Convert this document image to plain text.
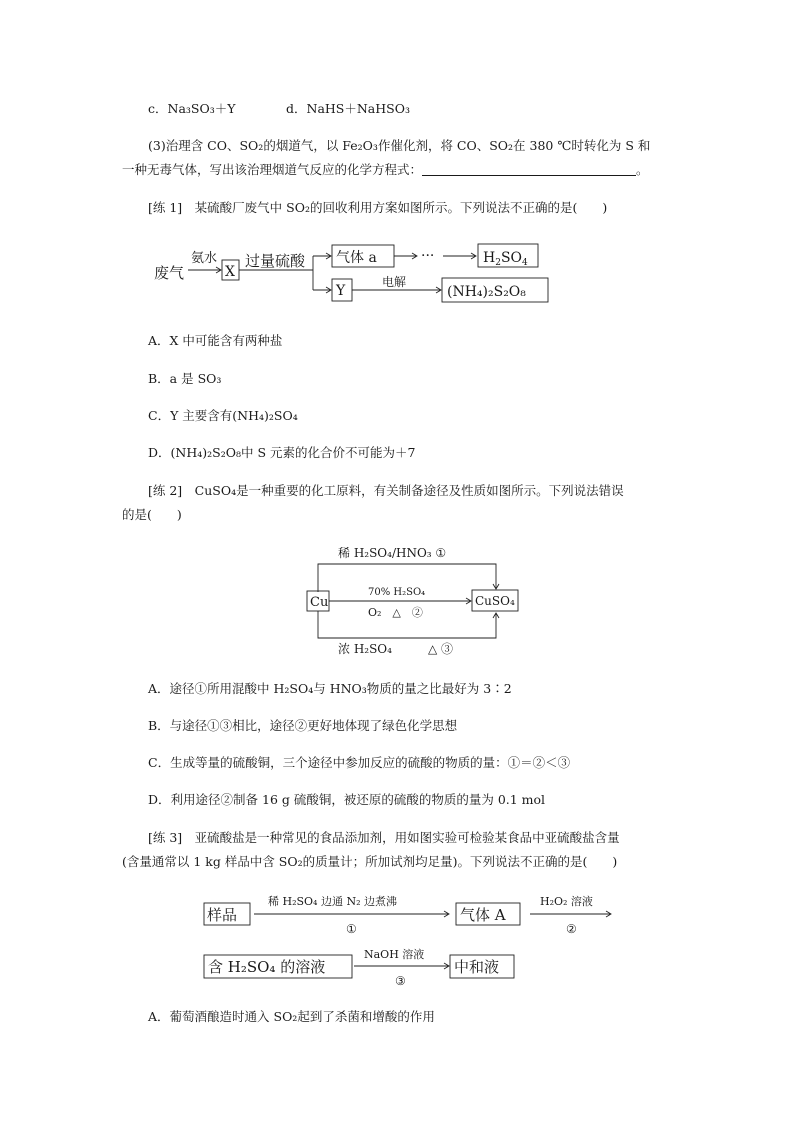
c．Na₃SO₃＋Y	d．NaHS＋NaHSO₃
(3)治理含 CO、SO₂的烟道气，以 Fe₂O₃作催化剂，将 CO、SO₂在 380 ℃时转化为 S 和
一种无毒气体，写出该治理烟道气反应的化学方程式：	。
[练 1]　某硫酸厂废气中 SO₂的回收利用方案如图所示。下列说法不正确的是(　　)
废气
氨水
X
过量硫酸 气体 a	···	$H_2SO_4$
Y
电解
(NH₄)₂S₂O₈
A．X 中可能含有两种盐
B．a 是 SO₃
C．Y 主要含有(NH₄)₂SO₄
D．(NH₄)₂S₂O₈中 S 元素的化合价不可能为＋7
[练 2]　CuSO₄是一种重要的化工原料，有关制备途径及性质如图所示。下列说法错误
的是(　　)
稀 H₂SO₄/HNO₃ ①
Cu
70% H₂SO₄
O₂　△　②
CuSO₄
浓 H₂SO₄　　　△ ③
A．途径①所用混酸中 H₂SO₄与 HNO₃物质的量之比最好为 3∶2
B．与途径①③相比，途径②更好地体现了绿色化学思想
C．生成等量的硫酸铜，三个途径中参加反应的硫酸的物质的量：①＝②＜③
D．利用途径②制备 16 g 硫酸铜，被还原的硫酸的物质的量为 0.1 mol
[练 3]　亚硫酸盐是一种常见的食品添加剂，用如图实验可检验某食品中亚硫酸盐含量
(含量通常以 1 kg 样品中含 SO₂的质量计；所加试剂均足量)。下列说法不正确的是(　　)
样品
稀 H₂SO₄ 边通 N₂ 边煮沸
①
气体 A
H₂O₂ 溶液
②
含 H₂SO₄ 的溶液
NaOH 溶液
③
中和液
A．葡萄酒酿造时通入 SO₂起到了杀菌和增酸的作用
